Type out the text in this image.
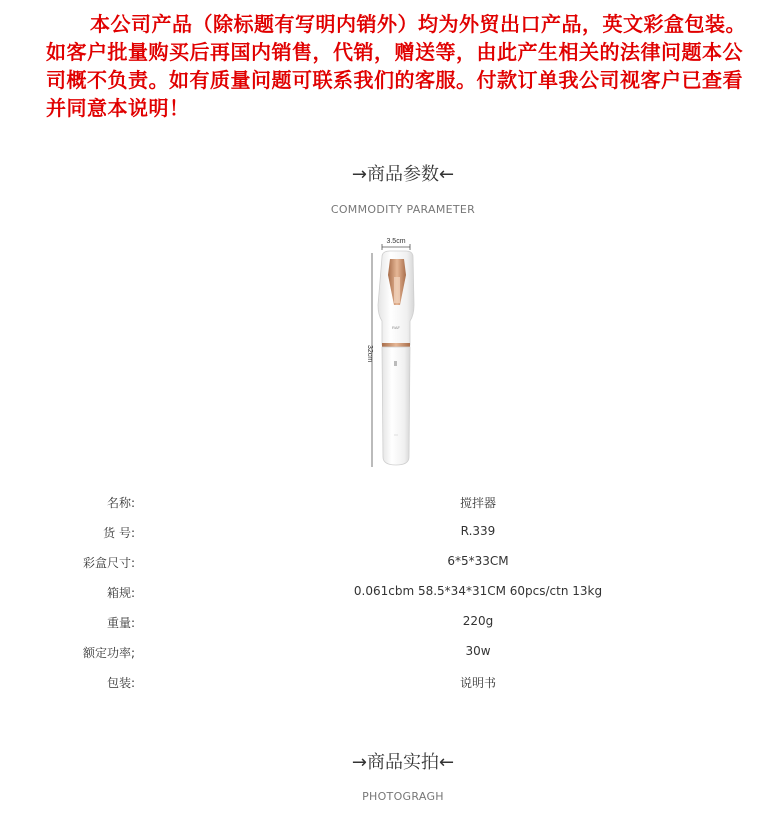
本公司产品（除标题有写明内销外）均为外贸出口产品，英文彩盒包装。如客户批量购买后再国内销售，代销，赠送等，由此产生相关的法律问题本公司概不负责。如有质量问题可联系我们的客服。付款订单我公司视客户已查看并同意本说明！
→商品参数←
COMMODITY PARAMETER
3.5cm
32cm
RAF
名称:	搅拌器
货 号:	R.339
彩盒尺寸:	6*5*33CM
箱规:	0.061cbm 58.5*34*31CM 60pcs/ctn 13kg
重量:	220g
额定功率;	30w
包装:	说明书
→商品实拍←
PHOTOGRAGH
